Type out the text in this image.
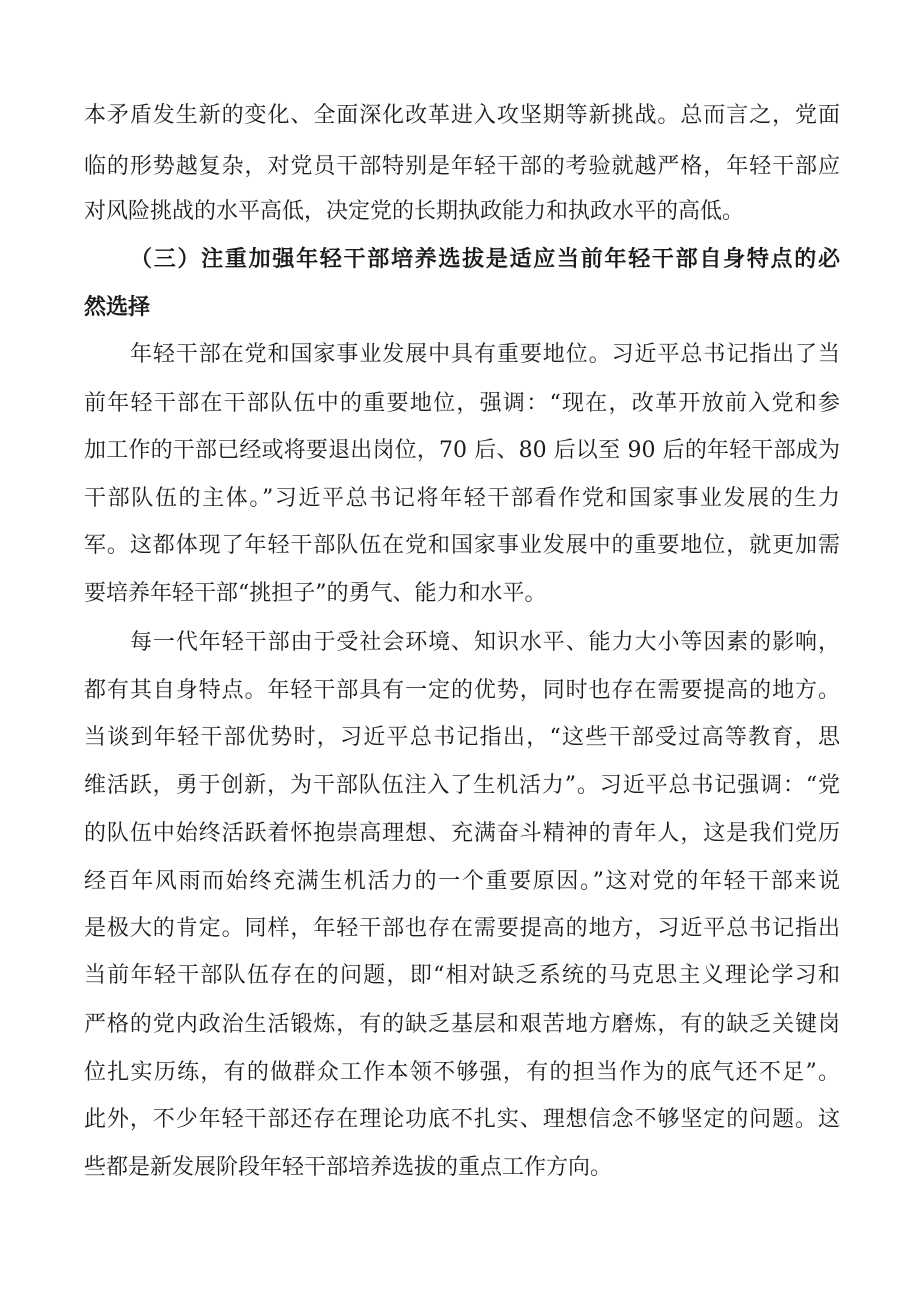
本矛盾发生新的变化、全面深化改革进入攻坚期等新挑战。总而言之，党面
临的形势越复杂，对党员干部特别是年轻干部的考验就越严格，年轻干部应
对风险挑战的水平高低，决定党的长期执政能力和执政水平的高低。
（三）注重加强年轻干部培养选拔是适应当前年轻干部自身特点的必
然选择
年轻干部在党和国家事业发展中具有重要地位。习近平总书记指出了当
前年轻干部在干部队伍中的重要地位，强调：“现在，改革开放前入党和参
加工作的干部已经或将要退出岗位，70 后、80 后以至 90 后的年轻干部成为
干部队伍的主体。”习近平总书记将年轻干部看作党和国家事业发展的生力
军。这都体现了年轻干部队伍在党和国家事业发展中的重要地位，就更加需
要培养年轻干部“挑担子”的勇气、能力和水平。
每一代年轻干部由于受社会环境、知识水平、能力大小等因素的影响，
都有其自身特点。年轻干部具有一定的优势，同时也存在需要提高的地方。
当谈到年轻干部优势时，习近平总书记指出，“这些干部受过高等教育，思
维活跃，勇于创新，为干部队伍注入了生机活力”。习近平总书记强调：“党
的队伍中始终活跃着怀抱崇高理想、充满奋斗精神的青年人，这是我们党历
经百年风雨而始终充满生机活力的一个重要原因。”这对党的年轻干部来说
是极大的肯定。同样，年轻干部也存在需要提高的地方，习近平总书记指出
当前年轻干部队伍存在的问题，即“相对缺乏系统的马克思主义理论学习和
严格的党内政治生活锻炼，有的缺乏基层和艰苦地方磨炼，有的缺乏关键岗
位扎实历练，有的做群众工作本领不够强，有的担当作为的底气还不足”。
此外，不少年轻干部还存在理论功底不扎实、理想信念不够坚定的问题。这
些都是新发展阶段年轻干部培养选拔的重点工作方向。
